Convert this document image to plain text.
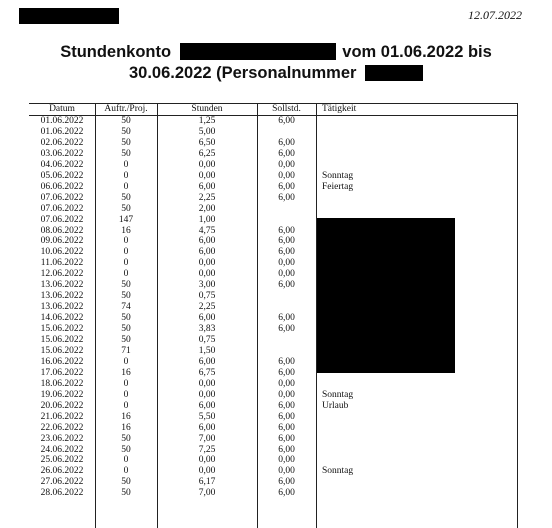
12.07.2022
Stundenkonto	vom 01.06.2022 bis
30.06.2022 (Personalnummer
Datum	Auftr./Proj.	Stunden	Sollstd.	Tätigkeit
01.06.2022	50	1,25	6,00
01.06.2022	50	5,00
02.06.2022	50	6,50	6,00
03.06.2022	50	6,25	6,00
04.06.2022	0	0,00	0,00
05.06.2022	0	0,00	0,00	Sonntag
06.06.2022	0	6,00	6,00	Feiertag
07.06.2022	50	2,25	6,00
07.06.2022	50	2,00
07.06.2022	147	1,00
08.06.2022	16	4,75	6,00
09.06.2022	0	6,00	6,00
10.06.2022	0	6,00	6,00
11.06.2022	0	0,00	0,00
12.06.2022	0	0,00	0,00
13.06.2022	50	3,00	6,00
13.06.2022	50	0,75
13.06.2022	74	2,25
14.06.2022	50	6,00	6,00
15.06.2022	50	3,83	6,00
15.06.2022	50	0,75
15.06.2022	71	1,50
16.06.2022	0	6,00	6,00
17.06.2022	16	6,75	6,00
18.06.2022	0	0,00	0,00
19.06.2022	0	0,00	0,00	Sonntag
20.06.2022	0	6,00	6,00	Urlaub
21.06.2022	16	5,50	6,00
22.06.2022	16	6,00	6,00
23.06.2022	50	7,00	6,00
24.06.2022	50	7,25	6,00
25.06.2022	0	0,00	0,00
26.06.2022	0	0,00	0,00	Sonntag
27.06.2022	50	6,17	6,00
28.06.2022	50	7,00	6,00
